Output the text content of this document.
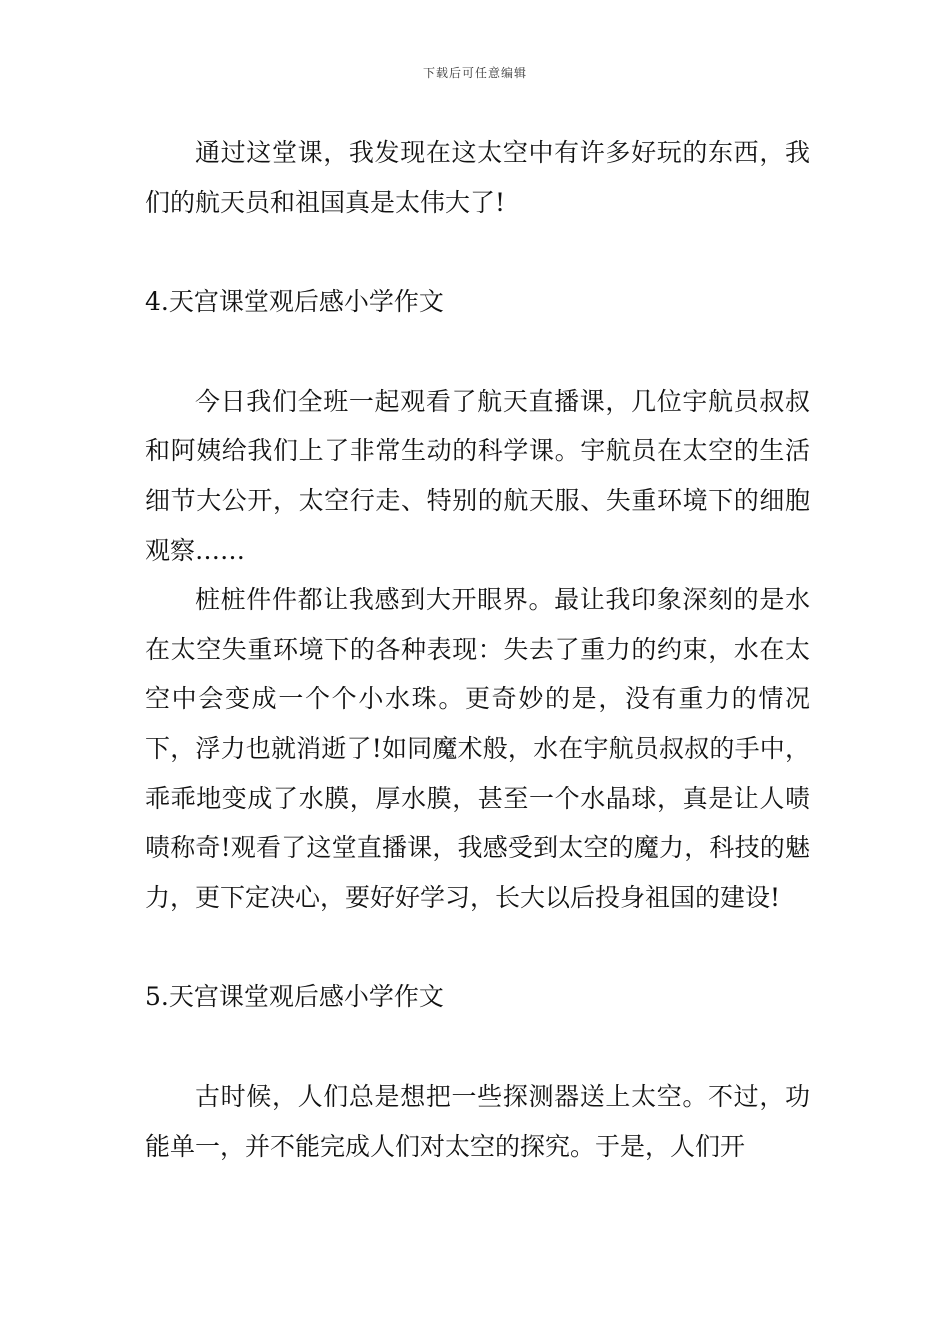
下载后可任意编辑

通过这堂课，我发现在这太空中有许多好玩的东西，我们的航天员和祖国真是太伟大了!

4.天宫课堂观后感小学作文

今日我们全班一起观看了航天直播课，几位宇航员叔叔和阿姨给我们上了非常生动的科学课。宇航员在太空的生活细节大公开，太空行走、特别的航天服、失重环境下的细胞观察……

桩桩件件都让我感到大开眼界。最让我印象深刻的是水在太空失重环境下的各种表现：失去了重力的约束，水在太空中会变成一个个小水珠。更奇妙的是，没有重力的情况下，浮力也就消逝了!如同魔术般，水在宇航员叔叔的手中，乖乖地变成了水膜，厚水膜，甚至一个水晶球，真是让人啧啧称奇!观看了这堂直播课，我感受到太空的魔力，科技的魅力，更下定决心，要好好学习，长大以后投身祖国的建设!

5.天宫课堂观后感小学作文

古时候，人们总是想把一些探测器送上太空。不过，功能单一，并不能完成人们对太空的探究。于是，人们开
